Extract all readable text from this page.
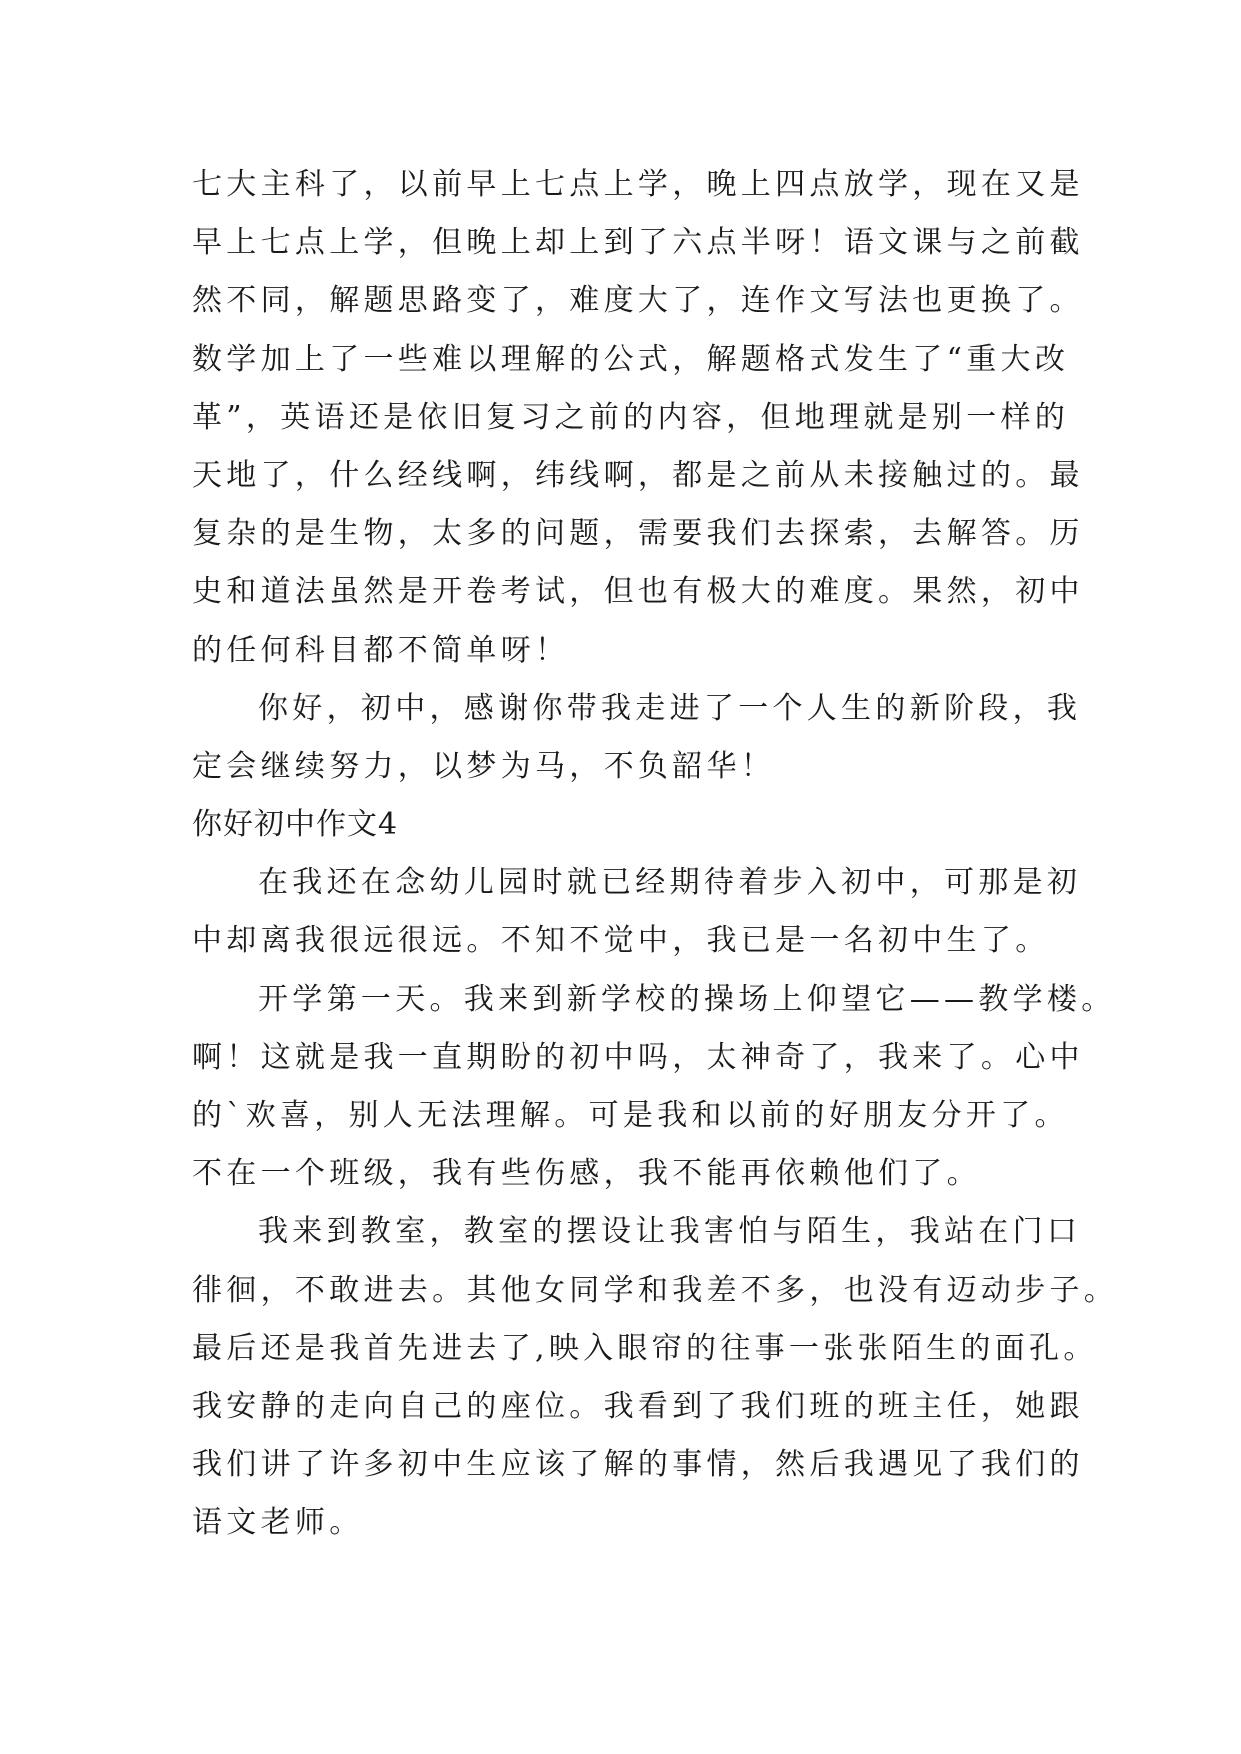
七大主科了，以前早上七点上学，晚上四点放学，现在又是
早上七点上学，但晚上却上到了六点半呀！语文课与之前截
然不同，解题思路变了，难度大了，连作文写法也更换了。
数学加上了一些难以理解的公式，解题格式发生了“重大改
革”，英语还是依旧复习之前的内容，但地理就是别一样的
天地了，什么经线啊，纬线啊，都是之前从未接触过的。最
复杂的是生物，太多的问题，需要我们去探索，去解答。历
史和道法虽然是开卷考试，但也有极大的难度。果然，初中
的任何科目都不简单呀！
你好，初中，感谢你带我走进了一个人生的新阶段，我
定会继续努力，以梦为马，不负韶华！
你好初中作文4
在我还在念幼儿园时就已经期待着步入初中，可那是初
中却离我很远很远。不知不觉中，我已是一名初中生了。
开学第一天。我来到新学校的操场上仰望它——教学楼。
啊！这就是我一直期盼的初中吗，太神奇了，我来了。心中
的`欢喜，别人无法理解。可是我和以前的好朋友分开了。
不在一个班级，我有些伤感，我不能再依赖他们了。
我来到教室，教室的摆设让我害怕与陌生，我站在门口
徘徊，不敢进去。其他女同学和我差不多，也没有迈动步子。
最后还是我首先进去了,映入眼帘的往事一张张陌生的面孔。
我安静的走向自己的座位。我看到了我们班的班主任，她跟
我们讲了许多初中生应该了解的事情，然后我遇见了我们的
语文老师。
